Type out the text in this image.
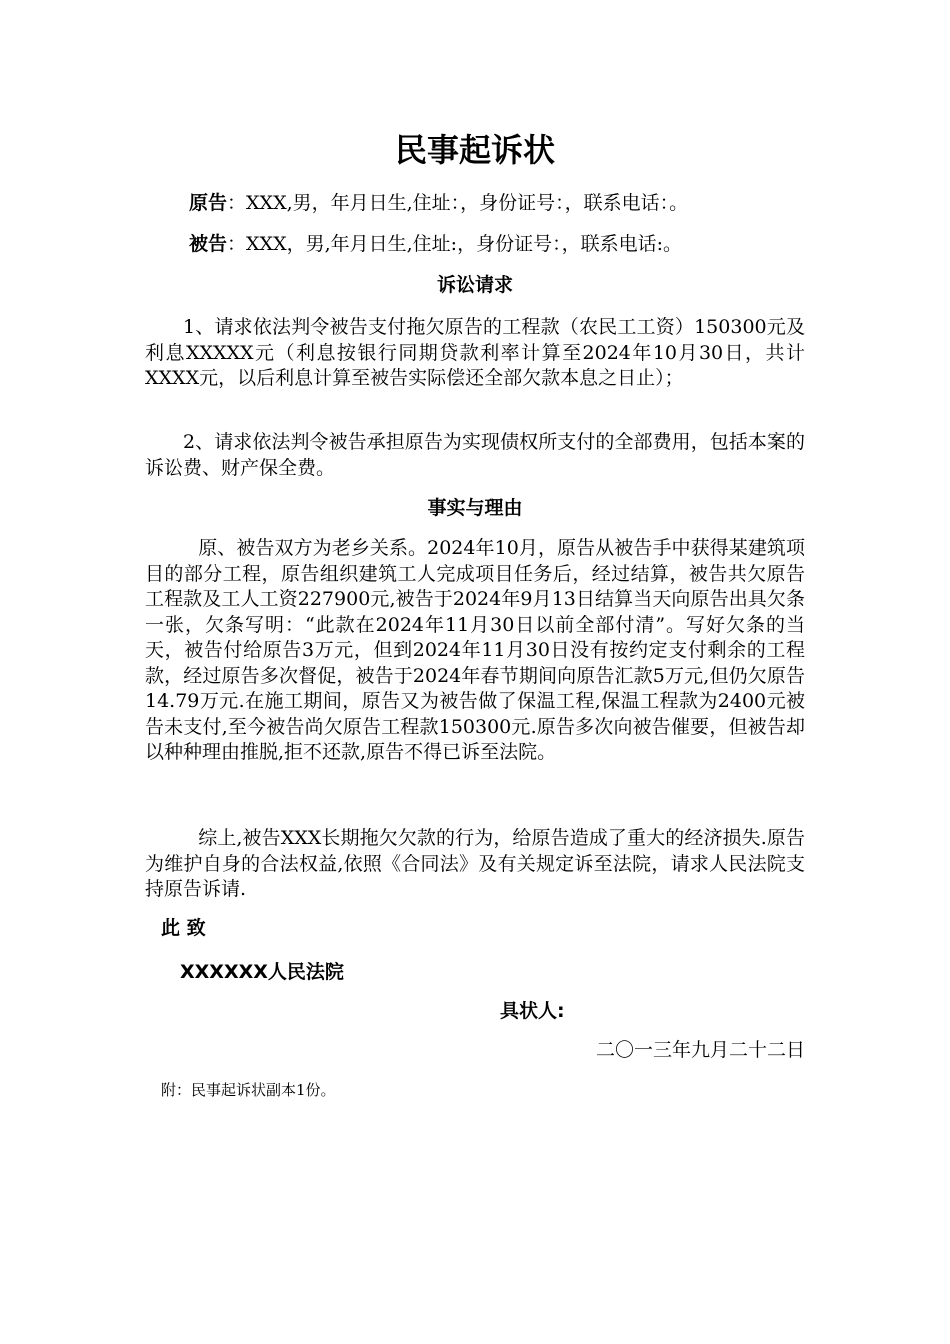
民事起诉状
原告：XXX,男，年月日生,住址：，身份证号：，联系电话：。
被告：XXX，男,年月日生,住址:，身份证号：，联系电话:。
诉讼请求

1、请求依法判令被告支付拖欠原告的工程款（农民工工资）150300元及利息XXXXX元（利息按银行同期贷款利率计算至2024年10月30日，共计XXXX元，以后利息计算至被告实际偿还全部欠款本息之日止）；

2、请求依法判令被告承担原告为实现债权所支付的全部费用，包括本案的诉讼费、财产保全费。

事实与理由

原、被告双方为老乡关系。2024年10月，原告从被告手中获得某建筑项目的部分工程，原告组织建筑工人完成项目任务后，经过结算，被告共欠原告工程款及工人工资227900元,被告于2024年9月13日结算当天向原告出具欠条一张，欠条写明：“此款在2024年11月30日以前全部付清”。写好欠条的当天，被告付给原告3万元，但到2024年11月30日没有按约定支付剩余的工程款，经过原告多次督促，被告于2024年春节期间向原告汇款5万元,但仍欠原告14.79万元.在施工期间，原告又为被告做了保温工程,保温工程款为2400元被告未支付,至今被告尚欠原告工程款150300元.原告多次向被告催要，但被告却以种种理由推脱,拒不还款,原告不得已诉至法院。

综上,被告XXX长期拖欠欠款的行为，给原告造成了重大的经济损失.原告为维护自身的合法权益,依照《合同法》及有关规定诉至法院，请求人民法院支持原告诉请.

此 致
XXXXXX人民法院
具状人:
二〇一三年九月二十二日
附：民事起诉状副本1份。
